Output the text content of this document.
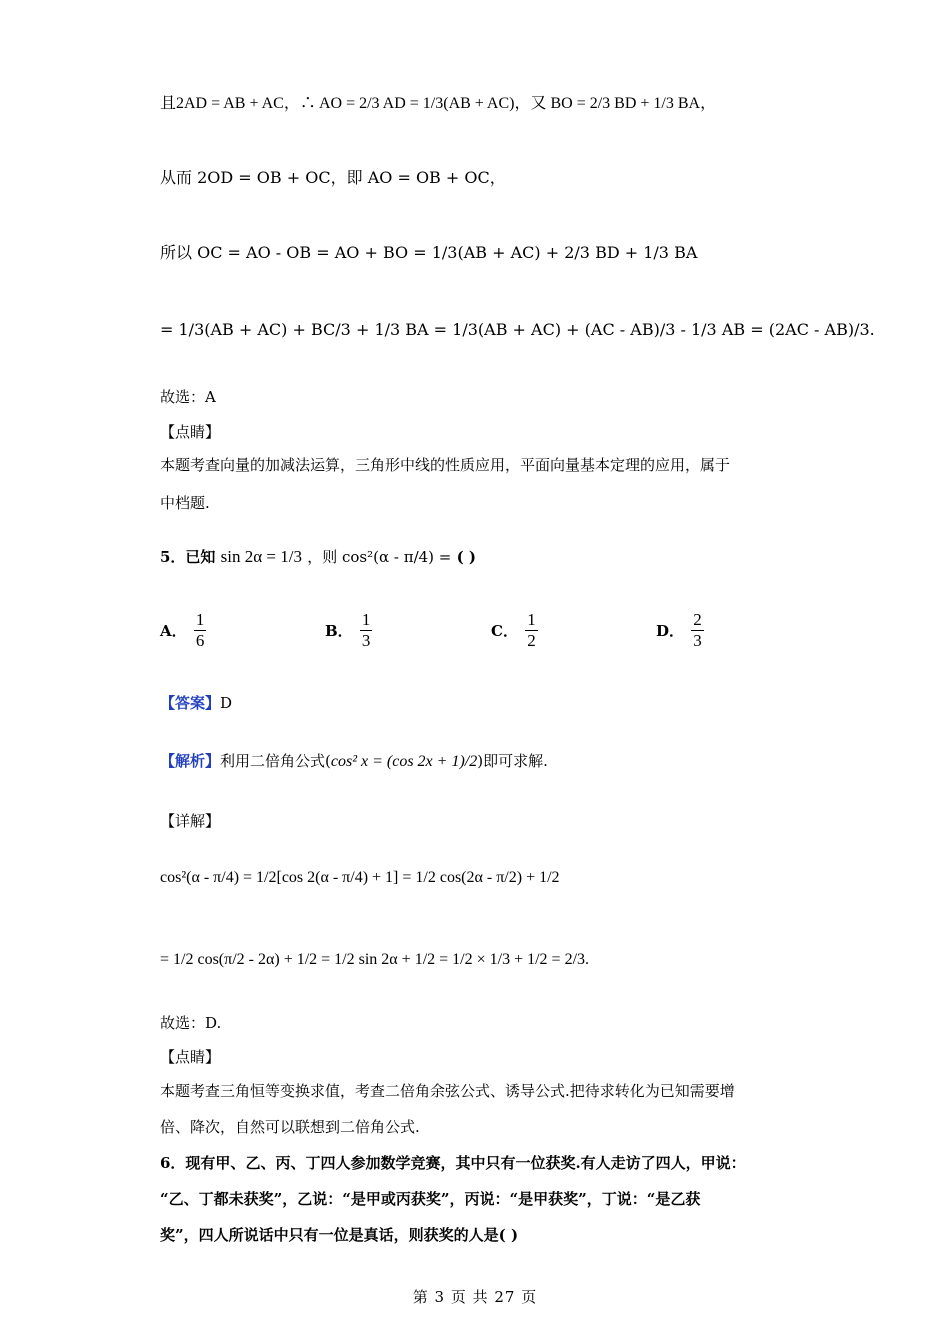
且2AD = AB + AC，∴ AO = 2/3 AD = 1/3(AB + AC)，又 BO = 2/3 BD + 1/3 BA，
从而 2OD = OB + OC，即 AO = OB + OC，
所以 OC = AO - OB = AO + BO = 1/3(AB + AC) + 2/3 BD + 1/3 BA
= 1/3(AB + AC) + BC/3 + 1/3 BA = 1/3(AB + AC) + (AC - AB)/3 - 1/3 AB = (2AC - AB)/3.
故选：A
【点睛】
本题考查向量的加减法运算，三角形中线的性质应用，平面向量基本定理的应用，属于
中档题.
5．已知 sin 2α = 1/3 ，则 cos²(α - π/4) = ( )
A． $\frac{1}{6}$	B． $\frac{1}{3}$	C． $\frac{1}{2}$	D． $\frac{2}{3}$
【答案】D
【解析】利用二倍角公式(cos² x = (cos 2x + 1)/2)即可求解.
【详解】
cos²(α - π/4) = 1/2[cos 2(α - π/4) + 1] = 1/2 cos(2α - π/2) + 1/2
= 1/2 cos(π/2 - 2α) + 1/2 = 1/2 sin 2α + 1/2 = 1/2 × 1/3 + 1/2 = 2/3.
故选：D.
【点睛】
本题考查三角恒等变换求值，考查二倍角余弦公式、诱导公式.把待求转化为已知需要增
倍、降次，自然可以联想到二倍角公式.
6．现有甲、乙、丙、丁四人参加数学竞赛，其中只有一位获奖.有人走访了四人，甲说：
“乙、丁都未获奖”，乙说：“是甲或丙获奖”，丙说：“是甲获奖”，丁说：“是乙获
奖”，四人所说话中只有一位是真话，则获奖的人是( )
第 3 页 共 27 页
